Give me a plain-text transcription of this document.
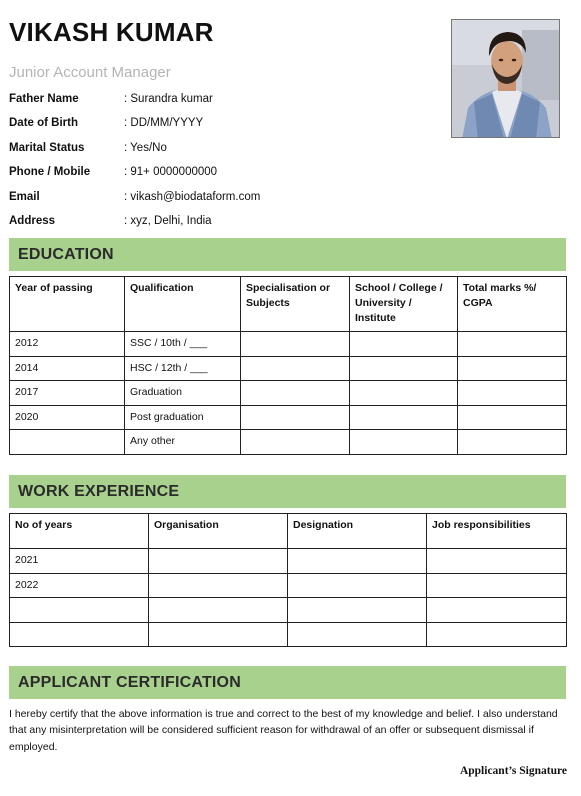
VIKASH KUMAR
Junior Account Manager
Father Name	: Surandra kumar
Date of Birth	: DD/MM/YYYY
Marital Status	: Yes/No
Phone / Mobile	: 91+ 0000000000
Email	: vikash@biodataform.com
Address	: xyz, Delhi, India
EDUCATION
Year of passing	Qualification	Specialisation or Subjects	School / College / University / Institute	Total marks %/ CGPA
2012	SSC / 10th / ___			
2014	HSC / 12th / ___			
2017	Graduation			
2020	Post graduation			
	Any other			
WORK EXPERIENCE
No of years	Organisation	Designation	Job responsibilities
2021			
2022			

APPLICANT CERTIFICATION
I hereby certify that the above information is true and correct to the best of my knowledge and belief. I also understand that any misinterpretation will be considered sufficient reason for withdrawal of an offer or subsequent dismissal if employed.
Applicant’s Signature
